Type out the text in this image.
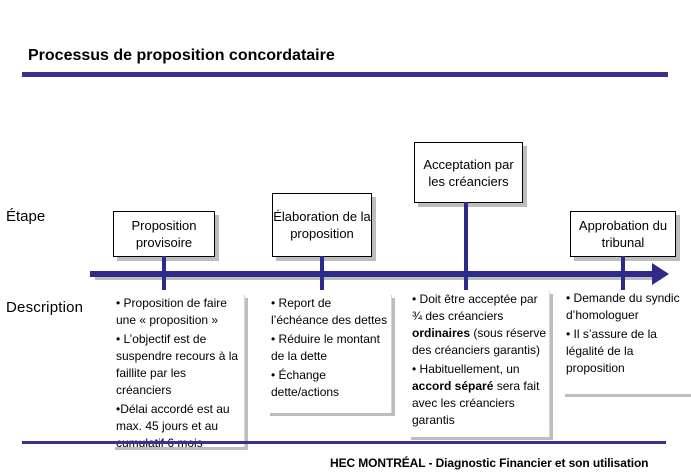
Processus de proposition concordataire
Étape
Description
Proposition provisoire
Élaboration de la proposition
Acceptation par les créanciers
Approbation du tribunal

• Proposition de faire une « proposition »

• L’objectif est de suspendre recours à la faillite par les créanciers

•Délai accordé est au max. 45 jours et au

• Report de l’échéance des dettes

• Réduire le montant de la dette

• Échange dette/actions

• Doit être acceptée par ¾ des créanciers ordinaires (sous réserve des créanciers garantis)

• Habituellement, un accord séparé sera fait avec les créanciers garantis

• Demande du syndic d’homologuer

• Il s’assure de la légalité de la proposition

HEC MONTRÉAL - Diagnostic Financier et son utilisation
